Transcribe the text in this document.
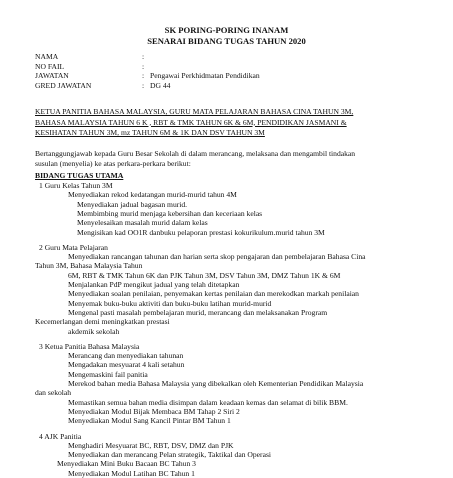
SK PORING-PORING INANAM
SENARAI BIDANG TUGAS TAHUN 2020
NAMA	:
NO FAIL	:
JAWATAN	: Pengawai Perkhidmatan Pendidikan
GRED JAWATAN	: DG 44
KETUA PANITIA BAHASA MALAYSIA, GURU MATA PELAJARAN BAHASA CINA TAHUN 3M,
BAHASA MALAYSIA TAHUN 6 K , RBT & TMK TAHUN 6K & 6M, PENDIDIKAN JASMANI &
KESIHATAN TAHUN 3M, mz TAHUN 6M & 1K DAN DSV TAHUN 3M
Bertanggungjawab kepada Guru Besar Sekolah di dalam merancang, melaksana dan mengambil tindakan
susulan (menyelia) ke atas perkara-perkara berikut:
BIDANG TUGAS UTAMA
1 Guru Kelas Tahun 3M
Menyediakan rekod kedatangan murid-murid tahun 4M
Menyediakan jadual bagasan murid.
Membimbing murid menjaga kebersihan dan keceriaan kelas
Menyelesaikan masalah murid dalam kelas
Mengisikan kad OO1R danbuku pelaporan prestasi kokurikulum.murid tahun 3M
2 Guru Mata Pelajaran
Menyediakan rancangan tahunan dan harian serta skop pengajaran dan pembelajaran Bahasa Cina
Tahun 3M, Bahasa Malaysia Tahun
6M, RBT & TMK Tahun 6K dan PJK Tahun 3M, DSV Tahun 3M, DMZ Tahun 1K & 6M
Menjalankan PdP mengikut jadual yang telah ditetapkan
Menyediakan soalan penilaian, penyemakan kertas penilaian dan merekodkan markah penilaian
Menyemak buku-buku aktiviti dan buku-buku latihan murid-murid
Mengenal pasti masalah pembelajaran murid, merancang dan melaksanakan Program
Kecemerlangan demi meningkatkan prestasi
akdemik sekolah
3 Ketua Panitia Bahasa Malaysia
Merancang dan menyediakan tahunan
Mengadakan mesyuarat 4 kali setahun
Mengemaskini fail panitia
Merekod bahan media Bahasa Malaysia yang dibekalkan oleh Kementerian Pendidikan Malaysia
dan sekolah
Memastikan semua bahan media disimpan dalam keadaan kemas dan selamat di bilik BBM.
Menyediakan Modul Bijak Membaca BM Tahap 2 Siri 2
Menyediakan Modul Sang Kancil Pintar BM Tahun 1
4 AJK Panitia
Menghadiri Mesyuarat BC, RBT, DSV, DMZ dan PJK
Menyediakan dan merancang Pelan strategik, Taktikal dan Operasi
Menyediakan Mini Buku Bacaan BC Tahun 3
Menyediakan Modul Latihan BC Tahun 1
